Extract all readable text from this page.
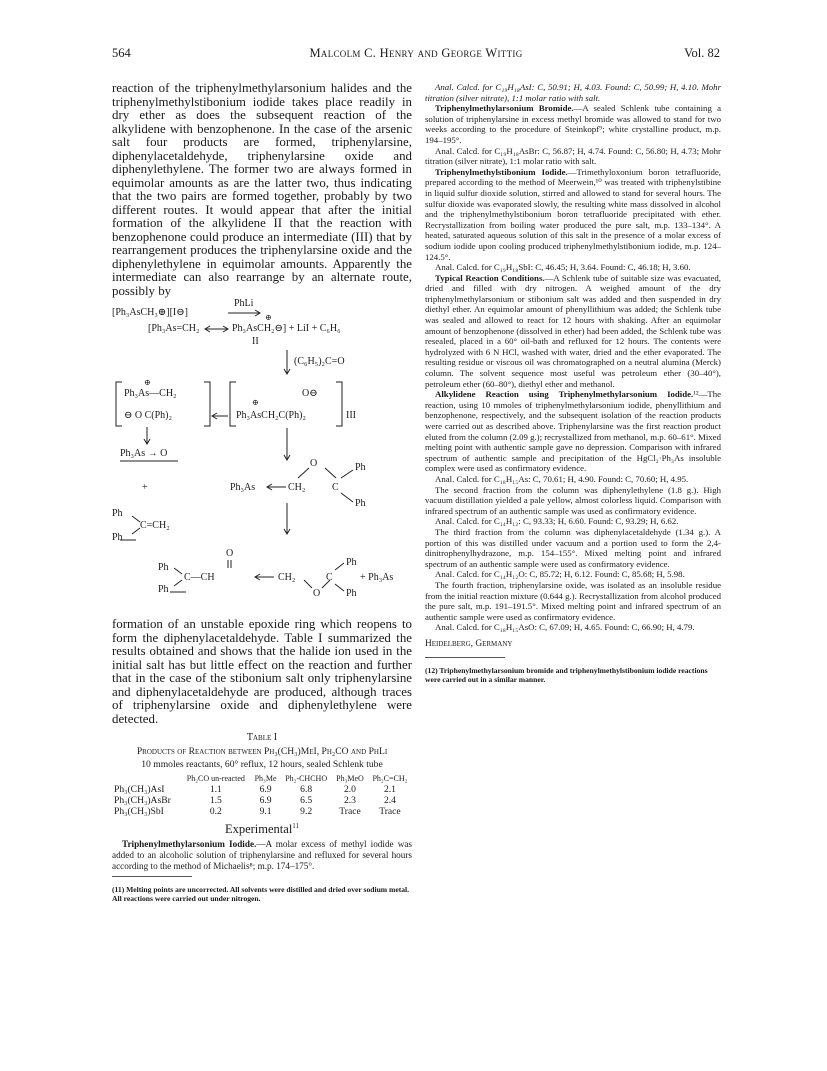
564	Malcolm C. Henry and George Wittig	Vol. 82

reaction of the triphenylmethylarsonium halides and the triphenylmethylstibonium iodide takes place readily in dry ether as does the subsequent reaction of the alkylidene with benzophenone. In the case of the arsenic salt four products are formed, triphenylarsine, diphenylacetaldehyde, triphenylarsine oxide and diphenylethylene. The former two are always formed in equimolar amounts as are the latter two, thus indicating that the two pairs are formed together, probably by two different routes. It would appear that after the initial formation of the alkylidene II that the reaction with benzophenone could produce an intermediate (III) that by rearrangement produces the triphenylarsine oxide and the diphenylethylene in equimolar amounts. Apparently the intermediate can also rearrange by an alternate route, possibly by

PhLi
[Ph₃AsCH₃⊕][I⊖]	⊕
[Ph₃As=CH₂	Ph₃AsCH₂⊖] + LiI + C₆H₆
II
(C₆H₅)₂C=O
⊕
Ph₃As—CH₂
⊖ O C(Ph)₂
O⊖
⊕
Ph₃AsCH₂C(Ph)₂	III
Ph₃As → O
+	Ph₃As
O
CH₂	C
Ph
Ph
Ph
C=CH₂
Ph
O
Ph
C—CH
Ph
CH₂	C
O
Ph
Ph
+ Ph₃As

formation of an unstable epoxide ring which reopens to form the diphenylacetaldehyde. Table I summarized the results obtained and shows that the halide ion used in the initial salt has but little effect on the reaction and further that in the case of the stibonium salt only triphenylarsine and diphenylacetaldehyde are produced, although traces of triphenylarsine oxide and diphenylethylene were detected.

Table I
Products of Reaction between Ph₃(CH₃)MeI, Ph₂CO and PhLi
10 mmoles reactants, 60° reflux, 12 hours, sealed Schlenk tube
	Ph₂CO un-reacted	Ph₃Me	Ph₂-CHCHO	Ph₃MeO	Ph₂C=CH₂
Ph₃(CH₃)AsI	1.1	6.9	6.8	2.0	2.1
Ph₃(CH₃)AsBr	1.5	6.9	6.5	2.3	2.4
Ph₃(CH₃)SbI	0.2	9.1	9.2	Trace	Trace
Experimental$^{11}$

Triphenylmethylarsonium Iodide.—A molar excess of methyl iodide was added to an alcoholic solution of triphenylarsine and refluxed for several hours according to the method of Michaelis⁸; m.p. 174–175°.

(11) Melting points are uncorrected. All solvents were distilled and dried over sodium metal. All reactions were carried out under nitrogen.

Anal. Calcd. for C₁₉H₁₈AsI: C, 50.91; H, 4.03. Found: C, 50.99; H, 4.10. Mohr titration (silver nitrate), 1:1 molar ratio with salt.

Triphenylmethylarsonium Bromide.—A sealed Schlenk tube containing a solution of triphenylarsine in excess methyl bromide was allowed to stand for two weeks according to the procedure of Steinkopf⁹; white crystalline product, m.p. 194–195°.

Anal. Calcd. for C₁₉H₁₈AsBr: C, 56.87; H, 4.74. Found: C, 56.80; H, 4.73; Mohr titration (silver nitrate), 1:1 molar ratio with salt.

Triphenylmethylstibonium Iodide.—Trimethyloxonium boron tetrafluoride, prepared according to the method of Meerwein,¹⁰ was treated with triphenylstibine in liquid sulfur dioxide solution, stirred and allowed to stand for several hours. The sulfur dioxide was evaporated slowly, the resulting white mass dissolved in alcohol and the triphenylmethylstibonium boron tetrafluoride precipitated with ether. Recrystallization from boiling water produced the pure salt, m.p. 133–134°. A heated, saturated aqueous solution of this salt in the presence of a molar excess of sodium iodide upon cooling produced triphenylmethylstibonium iodide, m.p. 124–124.5°.

Anal. Calcd. for C₁₉H₁₈SbI: C, 46.45; H, 3.64. Found: C, 46.18; H, 3.60.

Typical Reaction Conditions.—A Schlenk tube of suitable size was evacuated, dried and filled with dry nitrogen. A weighed amount of the dry triphenylmethylarsonium or stibonium salt was added and then suspended in dry diethyl ether. An equimolar amount of phenyllithium was added; the Schlenk tube was sealed and allowed to react for 12 hours with shaking. After an equimolar amount of benzophenone (dissolved in ether) had been added, the Schlenk tube was resealed, placed in a 60° oil-bath and refluxed for 12 hours. The contents were hydrolyzed with 6 N HCl, washed with water, dried and the ether evaporated. The resulting residue or viscous oil was chromatographed on a neutral alumina (Merck) column. The solvent sequence most useful was petroleum ether (30–40°), petroleum ether (60–80°), diethyl ether and methanol.

Alkylidene Reaction using Triphenylmethylarsonium Iodide.¹²—The reaction, using 10 mmoles of triphenylmethylarsonium iodide, phenyllithium and benzophenone, respectively, and the subsequent isolation of the reaction products were carried out as described above. Triphenylarsine was the first reaction product eluted from the column (2.09 g.); recrystallized from methanol, m.p. 60–61°. Mixed melting point with authentic sample gave no depression. Comparison with infrared spectrum of authentic sample and precipitation of the HgCl₂·Ph₃As insoluble complex were used as confirmatory evidence.

Anal. Calcd. for C₁₈H₁₅As: C, 70.61; H, 4.90. Found: C, 70.60; H, 4.95.

The second fraction from the column was diphenylethylene (1.8 g.). High vacuum distillation yielded a pale yellow, almost colorless liquid. Comparison with infrared spectrum of an authentic sample was used as confirmatory evidence.

Anal. Calcd. for C₁₄H₁₂: C, 93.33; H, 6.60. Found: C, 93.29; H, 6.62.

The third fraction from the column was diphenylacetaldehyde (1.34 g.). A portion of this was distilled under vacuum and a portion used to form the 2,4-dinitrophenylhydrazone, m.p. 154–155°. Mixed melting point and infrared spectrum of an authentic sample were used as confirmatory evidence.

Anal. Calcd. for C₁₄H₁₂O: C, 85.72; H, 6.12. Found: C, 85.68; H, 5.98.

The fourth fraction, triphenylarsine oxide, was isolated as an insoluble residue from the initial reaction mixture (0.644 g.). Recrystallization from alcohol produced the pure salt, m.p. 191–191.5°. Mixed melting point and infrared spectrum of an authentic sample were used as confirmatory evidence.

Anal. Calcd. for C₁₈H₁₅AsO: C, 67.09; H, 4.65. Found: C, 66.90; H, 4.79.

Heidelberg, Germany

(12) Triphenylmethylarsonium bromide and triphenylmethylstibonium iodide reactions were carried out in a similar manner.
